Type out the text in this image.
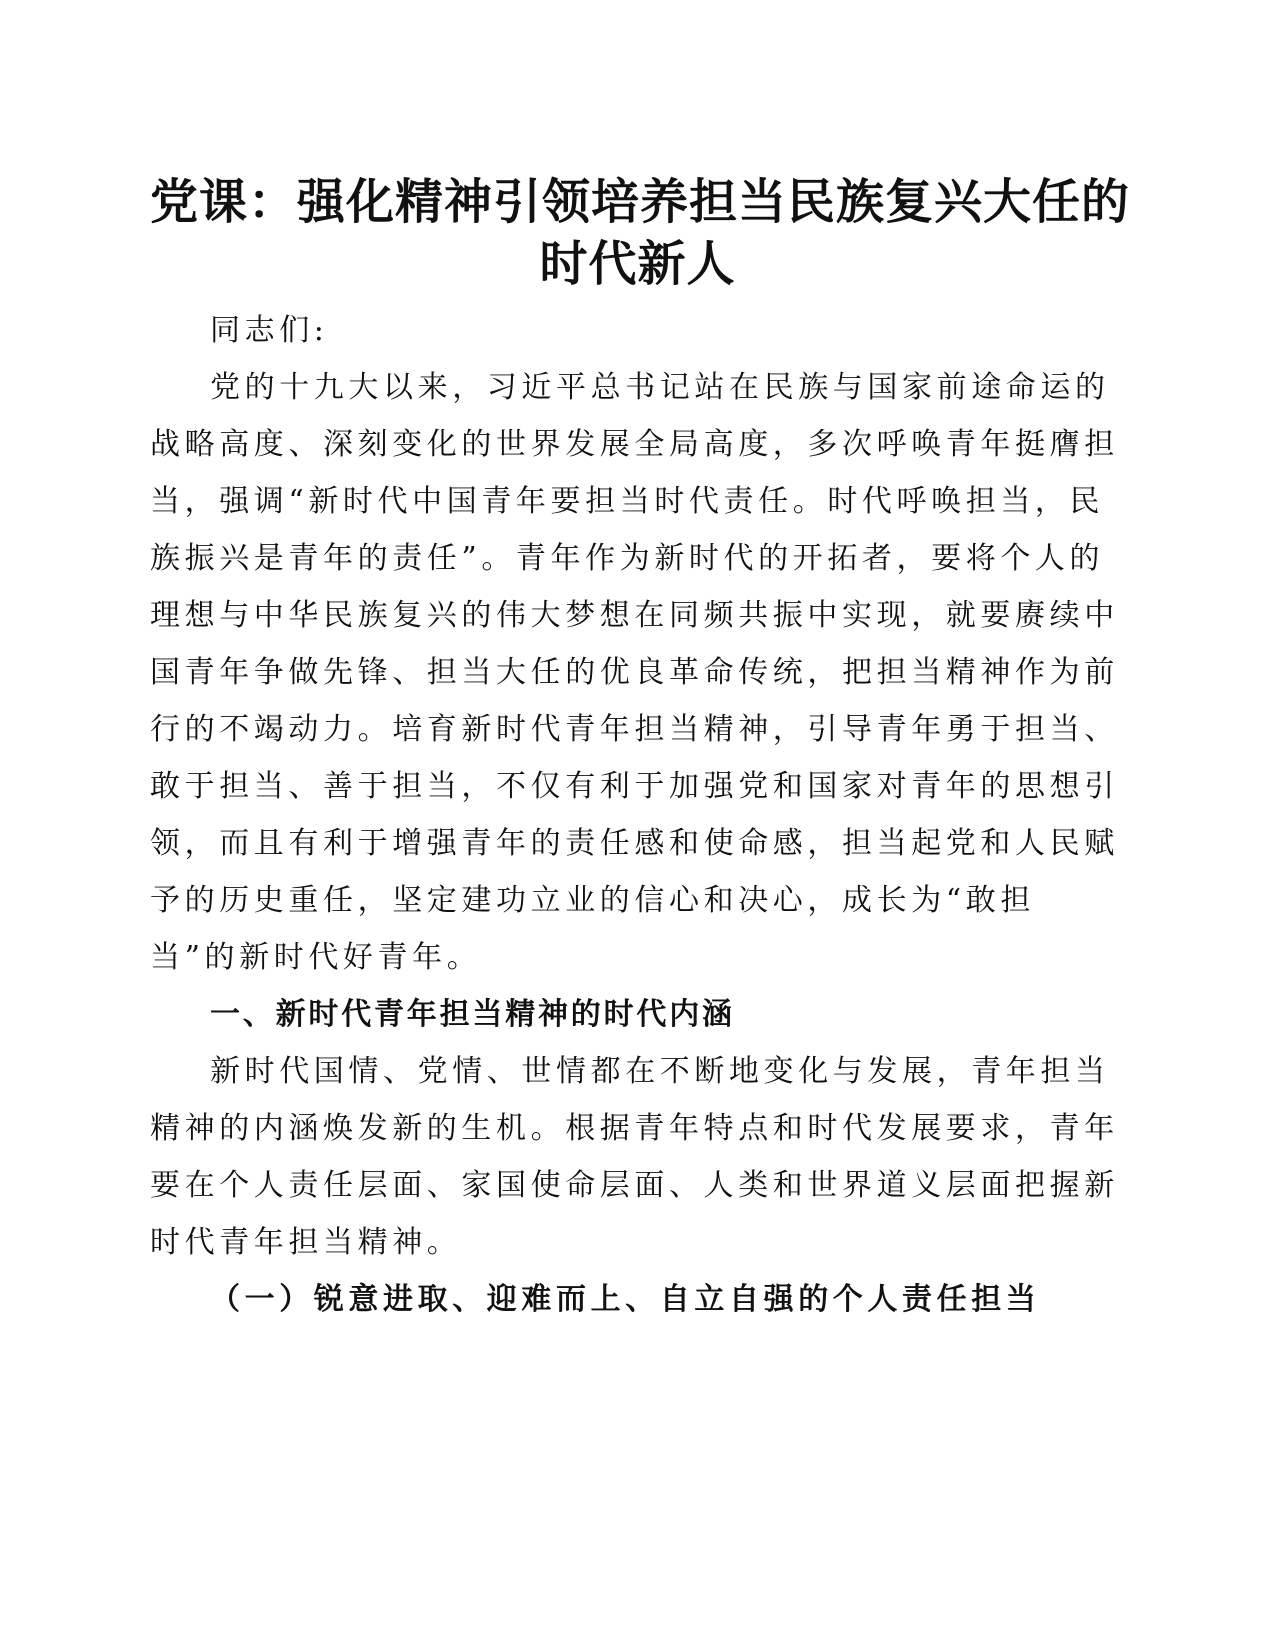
党课：强化精神引领培养担当民族复兴大任的
时代新人

同志们:

党的十九大以来，习近平总书记站在民族与国家前途命运的

战略高度、深刻变化的世界发展全局高度，多次呼唤青年挺膺担

当，强调“新时代中国青年要担当时代责任。时代呼唤担当，民

族振兴是青年的责任”。青年作为新时代的开拓者，要将个人的

理想与中华民族复兴的伟大梦想在同频共振中实现，就要赓续中

国青年争做先锋、担当大任的优良革命传统，把担当精神作为前

行的不竭动力。培育新时代青年担当精神，引导青年勇于担当、

敢于担当、善于担当，不仅有利于加强党和国家对青年的思想引

领，而且有利于增强青年的责任感和使命感，担当起党和人民赋

予的历史重任，坚定建功立业的信心和决心，成长为“敢担

当”的新时代好青年。

一、新时代青年担当精神的时代内涵

新时代国情、党情、世情都在不断地变化与发展，青年担当

精神的内涵焕发新的生机。根据青年特点和时代发展要求，青年

要在个人责任层面、家国使命层面、人类和世界道义层面把握新

时代青年担当精神。

（一）锐意进取、迎难而上、自立自强的个人责任担当
